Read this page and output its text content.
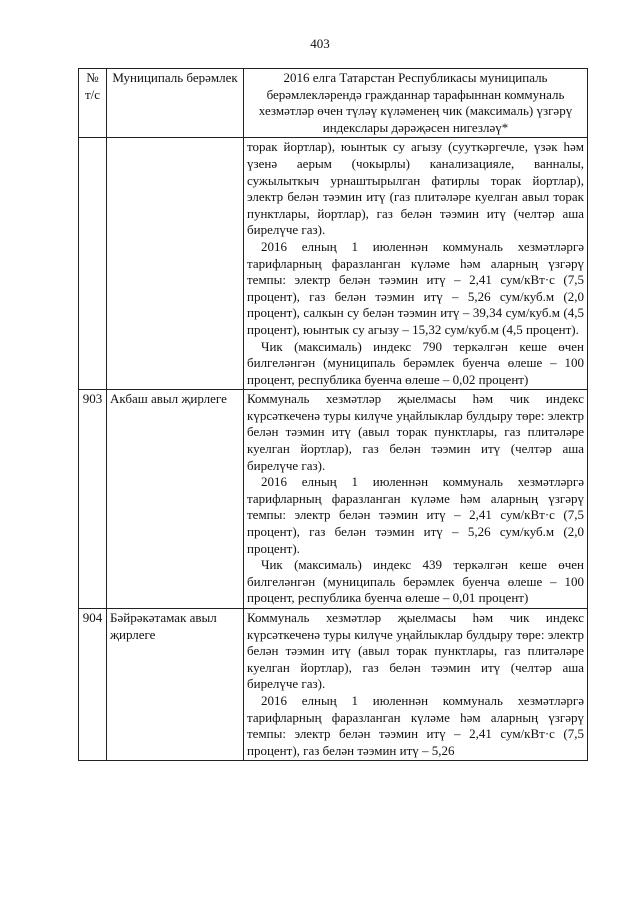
403
№ т/с	Муниципаль берәмлек	2016 елга Татарстан Республикасы муниципаль берәмлекләрендә гражданнар тарафыннан коммуналь хезмәтләр өчен түләү күләменең чик (максималь) үзгәрү индекслары дәрәҗәсен нигезләү*

		торак йортлар), юынтык су агызу (сууткәргечле, үзәк һәм үзенә аерым (чокырлы) канализацияле, ванналы, сужылыткыч урнаштырылган фатирлы торак йортлар), электр белән тәэмин итү (газ плитәләре куелган авыл торак пунктлары, йортлар), газ белән тәэмин итү (челтәр аша бирелүче газ).

2016 елның 1 июленнән коммуналь хезмәтләргә тарифларның фаразланган күләме һәм аларның үзгәрү темпы: электр белән тәэмин итү – 2,41 сум/кВт·с (7,5 процент), газ белән тәэмин итү – 5,26 сум/куб.м (2,0 процент), салкын су белән тәэмин итү – 39,34 сум/куб.м (4,5 процент), юынтык су агызу – 15,32 сум/куб.м (4,5 процент).

Чик (максималь) индекс 790 теркәлгән кеше өчен билгеләнгән (муниципаль берәмлек буенча өлеше – 100 процент, республика буенча өлеше – 0,02 процент)

903	Акбаш авыл җирлеге	Коммуналь хезмәтләр җыелмасы һәм чик индекс күрсәткеченә туры килүче уңайлыклар булдыру төре: электр белән тәэмин итү (авыл торак пунктлары, газ плитәләре куелган йортлар), газ белән тәэмин итү (челтәр аша бирелүче газ).

2016 елның 1 июленнән коммуналь хезмәтләргә тарифларның фаразланган күләме һәм аларның үзгәрү темпы: электр белән тәэмин итү – 2,41 сум/кВт·с (7,5 процент), газ белән тәэмин итү – 5,26 сум/куб.м (2,0 процент).

Чик (максималь) индекс 439 теркәлгән кеше өчен билгеләнгән (муниципаль берәмлек буенча өлеше – 100 процент, республика буенча өлеше – 0,01 процент)

904	Бәйрәкәтамак авыл җирлеге	Коммуналь хезмәтләр җыелмасы һәм чик индекс күрсәткеченә туры килүче уңайлыклар булдыру төре: электр белән тәэмин итү (авыл торак пунктлары, газ плитәләре куелган йортлар), газ белән тәэмин итү (челтәр аша бирелүче газ).

2016 елның 1 июленнән коммуналь хезмәтләргә тарифларның фаразланган күләме һәм аларның үзгәрү темпы: электр белән тәэмин итү – 2,41 сум/кВт·с (7,5 процент), газ белән тәэмин итү – 5,26
